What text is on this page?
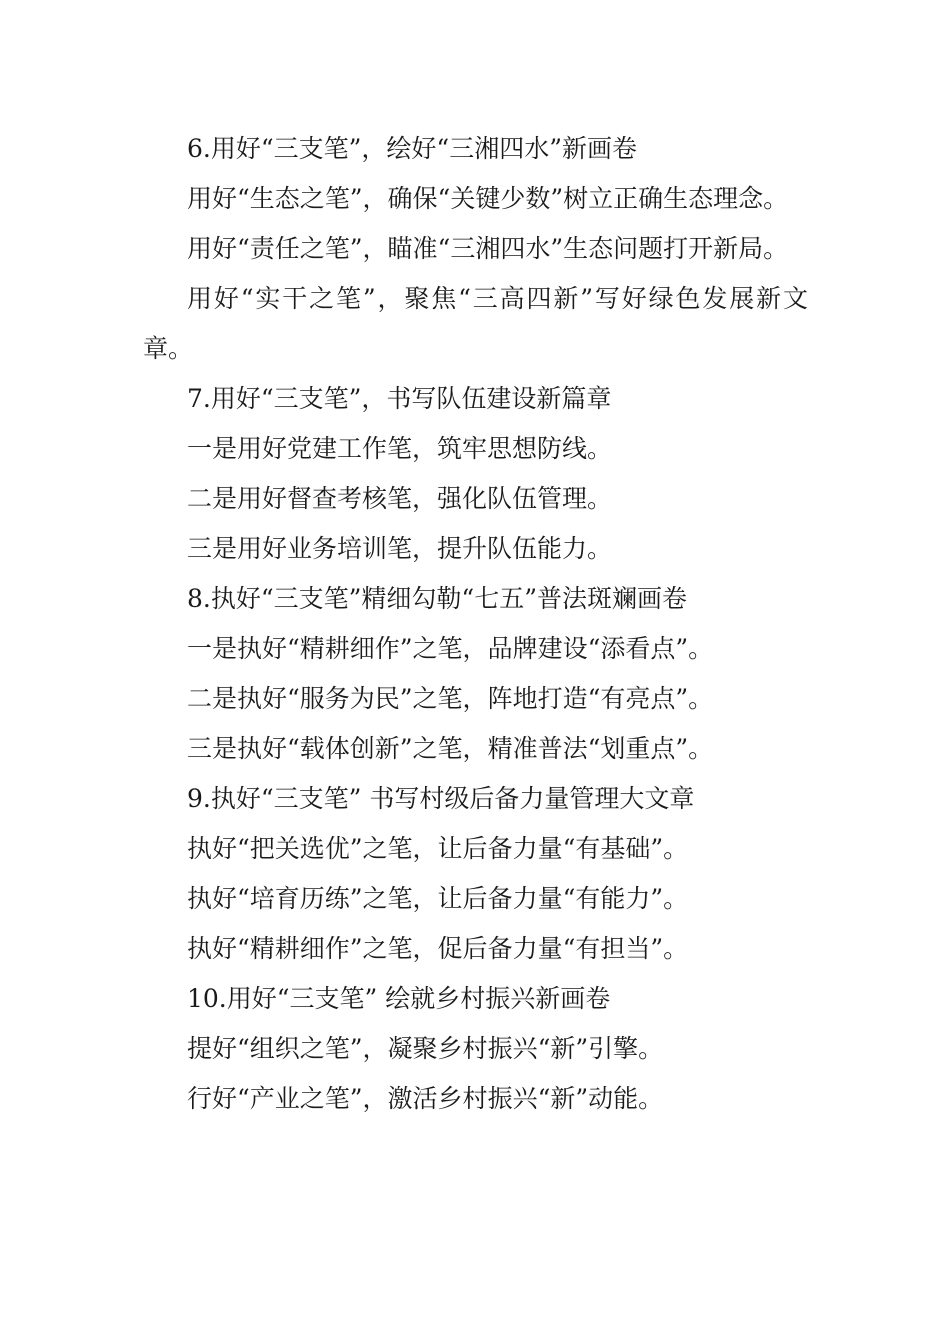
6.用好“三支笔”，绘好“三湘四水”新画卷

用好“生态之笔”，确保“关键少数”树立正确生态理念。

用好“责任之笔”，瞄准“三湘四水”生态问题打开新局。

用好“实干之笔”，聚焦“三高四新”写好绿色发展新文章。

7.用好“三支笔”，书写队伍建设新篇章

一是用好党建工作笔，筑牢思想防线。

二是用好督查考核笔，强化队伍管理。

三是用好业务培训笔，提升队伍能力。

8.执好“三支笔”精细勾勒“七五”普法斑斓画卷

一是执好“精耕细作”之笔，品牌建设“添看点”。

二是执好“服务为民”之笔，阵地打造“有亮点”。

三是执好“载体创新”之笔，精准普法“划重点”。

9.执好“三支笔” 书写村级后备力量管理大文章

执好“把关选优”之笔，让后备力量“有基础”。

执好“培育历练”之笔，让后备力量“有能力”。

执好“精耕细作”之笔，促后备力量“有担当”。

10.用好“三支笔” 绘就乡村振兴新画卷

提好“组织之笔”，凝聚乡村振兴“新”引擎。

行好“产业之笔”，激活乡村振兴“新”动能。
